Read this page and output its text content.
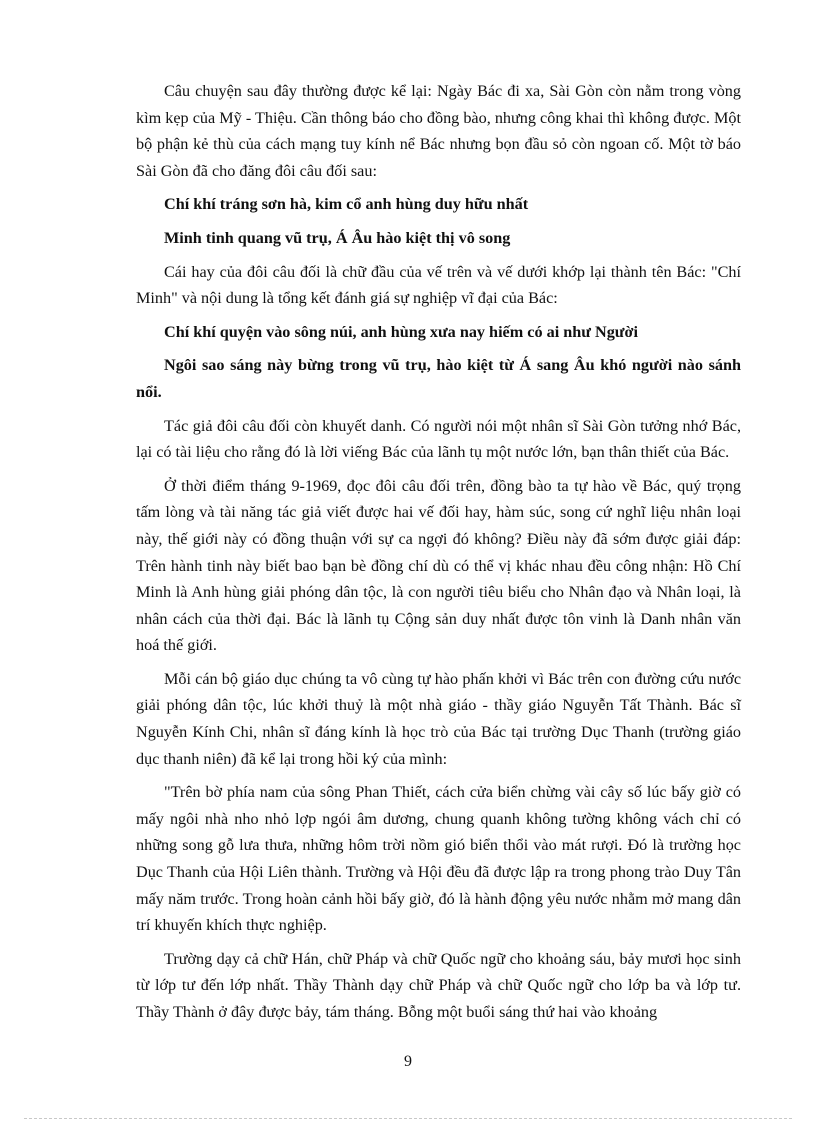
Câu chuyện sau đây thường được kể lại: Ngày Bác đi xa, Sài Gòn còn nằm trong vòng kìm kẹp của Mỹ - Thiệu. Cần thông báo cho đồng bào, nhưng công khai thì không được. Một bộ phận kẻ thù của cách mạng tuy kính nể Bác nhưng bọn đầu sỏ còn ngoan cố. Một tờ báo Sài Gòn đã cho đăng đôi câu đối sau:

Chí khí tráng sơn hà, kim cổ anh hùng duy hữu nhất

Minh tinh quang vũ trụ, Á Âu hào kiệt thị vô song

Cái hay của đôi câu đối là chữ đầu của vế trên và vế dưới khớp lại thành tên Bác: "Chí Minh" và nội dung là tổng kết đánh giá sự nghiệp vĩ đại của Bác:

Chí khí quyện vào sông núi, anh hùng xưa nay hiếm có ai như Người

Ngôi sao sáng này bừng trong vũ trụ, hào kiệt từ Á sang Âu khó người nào sánh nổi.

Tác giả đôi câu đối còn khuyết danh. Có người nói một nhân sĩ Sài Gòn tưởng nhớ Bác, lại có tài liệu cho rằng đó là lời viếng Bác của lãnh tụ một nước lớn, bạn thân thiết của Bác.

Ở thời điểm tháng 9-1969, đọc đôi câu đối trên, đồng bào ta tự hào về Bác, quý trọng tấm lòng và tài năng tác giả viết được hai vế đối hay, hàm súc, song cứ nghĩ liệu nhân loại này, thế giới này có đồng thuận với sự ca ngợi đó không? Điều này đã sớm được giải đáp: Trên hành tinh này biết bao bạn bè đồng chí dù có thể vị khác nhau đều công nhận: Hồ Chí Minh là Anh hùng giải phóng dân tộc, là con người tiêu biểu cho Nhân đạo và Nhân loại, là nhân cách của thời đại. Bác là lãnh tụ Cộng sản duy nhất được tôn vinh là Danh nhân văn hoá thế giới.

Mỗi cán bộ giáo dục chúng ta vô cùng tự hào phấn khởi vì Bác trên con đường cứu nước giải phóng dân tộc, lúc khởi thuỷ là một nhà giáo - thầy giáo Nguyễn Tất Thành. Bác sĩ Nguyễn Kính Chi, nhân sĩ đáng kính là học trò của Bác tại trường Dục Thanh (trường giáo dục thanh niên) đã kể lại trong hồi ký của mình:

"Trên bờ phía nam của sông Phan Thiết, cách cửa biển chừng vài cây số lúc bấy giờ có mấy ngôi nhà nho nhỏ lợp ngói âm dương, chung quanh không tường không vách chỉ có những song gỗ lưa thưa, những hôm trời nồm gió biển thổi vào mát rượi. Đó là trường học Dục Thanh của Hội Liên thành. Trường và Hội đều đã được lập ra trong phong trào Duy Tân mấy năm trước. Trong hoàn cảnh hồi bấy giờ, đó là hành động yêu nước nhằm mở mang dân trí khuyến khích thực nghiệp.

Trường dạy cả chữ Hán, chữ Pháp và chữ Quốc ngữ cho khoảng sáu, bảy mươi học sinh từ lớp tư đến lớp nhất. Thầy Thành dạy chữ Pháp và chữ Quốc ngữ cho lớp ba và lớp tư. Thầy Thành ở đây được bảy, tám tháng. Bỗng một buổi sáng thứ hai vào khoảng

9
